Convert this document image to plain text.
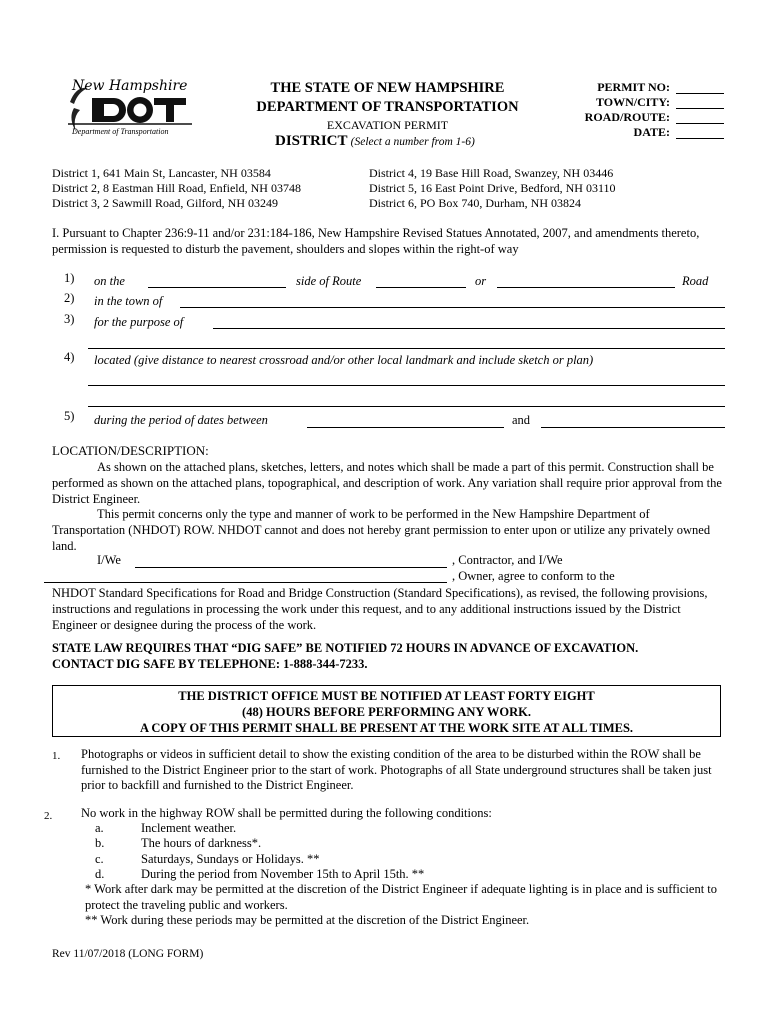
New Hampshire
Department of Transportation
THE STATE OF NEW HAMPSHIRE
DEPARTMENT OF TRANSPORTATION
EXCAVATION PERMIT
DISTRICT (Select a number from 1-6)
PERMIT NO:
TOWN/CITY:
ROAD/ROUTE:
DATE:
District 1, 641 Main St, Lancaster, NH 03584
District 2, 8 Eastman Hill Road, Enfield, NH 03748
District 3, 2 Sawmill Road, Gilford, NH 03249
District 4, 19 Base Hill Road, Swanzey, NH 03446
District 5, 16 East Point Drive, Bedford, NH 03110
District 6, PO Box 740, Durham, NH 03824
I. Pursuant to Chapter 236:9-11 and/or 231:184-186, New Hampshire Revised Statues Annotated, 2007, and amendments thereto, permission is requested to disturb the pavement, shoulders and slopes within the right-of way
1)
2)
3)
on the	side of Route	or	Road
in the town of
for the purpose of
4) located (give distance to nearest crossroad and/or other local landmark and include sketch or plan)
5) during the period of dates between	and
LOCATION/DESCRIPTION:
As shown on the attached plans, sketches, letters, and notes which shall be made a part of this permit. Construction shall be performed as shown on the attached plans, topographical, and description of work. Any variation shall require prior approval from the District Engineer.
This permit concerns only the type and manner of work to be performed in the New Hampshire Department of Transportation (NHDOT) ROW. NHDOT cannot and does not hereby grant permission to enter upon or utilize any privately owned land.
I/We	, Contractor, and I/We
, Owner, agree to conform to the
NHDOT Standard Specifications for Road and Bridge Construction (Standard Specifications), as revised, the following provisions, instructions and regulations in processing the work under this request, and to any additional instructions issued by the District Engineer or designee during the process of the work.
STATE LAW REQUIRES THAT “DIG SAFE” BE NOTIFIED 72 HOURS IN ADVANCE OF EXCAVATION.
CONTACT DIG SAFE BY TELEPHONE: 1-888-344-7233.
THE DISTRICT OFFICE MUST BE NOTIFIED AT LEAST FORTY EIGHT
(48) HOURS BEFORE PERFORMING ANY WORK.
A COPY OF THIS PERMIT SHALL BE PRESENT AT THE WORK SITE AT ALL TIMES.
1. Photographs or videos in sufficient detail to show the existing condition of the area to be disturbed within the ROW shall be furnished to the District Engineer prior to the start of work. Photographs of all State underground structures shall be taken just prior to backfill and furnished to the District Engineer.
2. No work in the highway ROW shall be permitted during the following conditions:
a.	Inclement weather.
b.	The hours of darkness*.
c.	Saturdays, Sundays or Holidays. **
d.	During the period from November 15th to April 15th. **
* Work after dark may be permitted at the discretion of the District Engineer if adequate lighting is in place and is sufficient to protect the traveling public and workers.
** Work during these periods may be permitted at the discretion of the District Engineer.
Rev 11/07/2018 (LONG FORM)
